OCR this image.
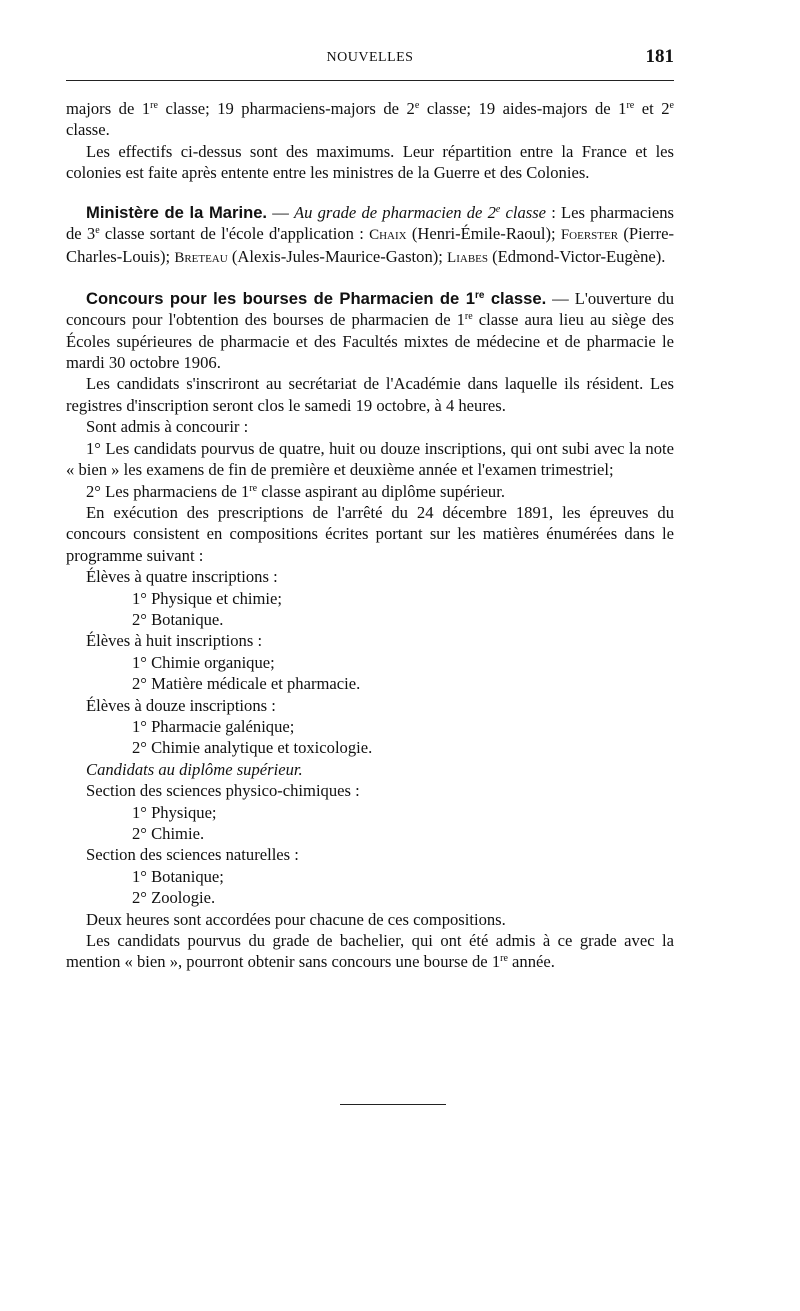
NOUVELLES	181

majors de 1re classe; 19 pharmaciens-majors de 2e classe; 19 aides-majors de 1re et 2e classe.

Les effectifs ci-dessus sont des maximums. Leur répartition entre la France et les colonies est faite après entente entre les ministres de la Guerre et des Colonies.

Ministère de la Marine. — Au grade de pharmacien de 2e classe : Les pharmaciens de 3e classe sortant de l'école d'application : Chaix (Henri-Émile-Raoul); Foerster (Pierre-Charles-Louis); Breteau (Alexis-Jules-Maurice-Gaston); Liabes (Edmond-Victor-Eugène).

Concours pour les bourses de Pharmacien de 1re classe. — L'ouverture du concours pour l'obtention des bourses de pharmacien de 1re classe aura lieu au siège des Écoles supérieures de pharmacie et des Facultés mixtes de médecine et de pharmacie le mardi 30 octobre 1906.

Les candidats s'inscriront au secrétariat de l'Académie dans laquelle ils résident. Les registres d'inscription seront clos le samedi 19 octobre, à 4 heures.

Sont admis à concourir :

1° Les candidats pourvus de quatre, huit ou douze inscriptions, qui ont subi avec la note « bien » les examens de fin de première et deuxième année et l'examen trimestriel;

2° Les pharmaciens de 1re classe aspirant au diplôme supérieur.

En exécution des prescriptions de l'arrêté du 24 décembre 1891, les épreuves du concours consistent en compositions écrites portant sur les matières énumérées dans le programme suivant :

Élèves à quatre inscriptions :

1° Physique et chimie;

2° Botanique.

Élèves à huit inscriptions :

1° Chimie organique;

2° Matière médicale et pharmacie.

Élèves à douze inscriptions :

1° Pharmacie galénique;

2° Chimie analytique et toxicologie.

Candidats au diplôme supérieur.

Section des sciences physico-chimiques :

1° Physique;

2° Chimie.

Section des sciences naturelles :

1° Botanique;

2° Zoologie.

Deux heures sont accordées pour chacune de ces compositions.

Les candidats pourvus du grade de bachelier, qui ont été admis à ce grade avec la mention « bien », pourront obtenir sans concours une bourse de 1re année.
